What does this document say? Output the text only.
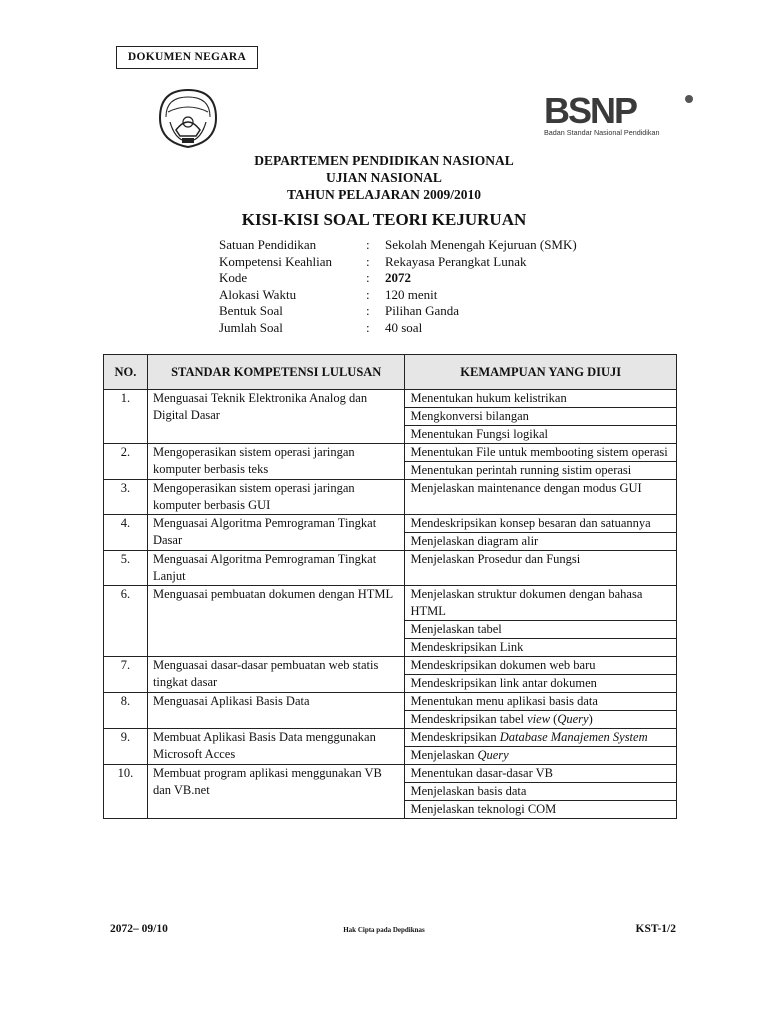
DOKUMEN NEGARA
BSNP
Badan Standar Nasional Pendidikan
DEPARTEMEN PENDIDIKAN NASIONAL
UJIAN NASIONAL
TAHUN PELAJARAN 2009/2010
KISI-KISI SOAL TEORI KEJURUAN
Satuan Pendidikan	:	Sekolah Menengah Kejuruan (SMK)
Kompetensi Keahlian	:	Rekayasa Perangkat Lunak
Kode	:	2072
Alokasi Waktu	:	120 menit
Bentuk Soal	:	Pilihan Ganda
Jumlah Soal	:	40 soal
NO.	STANDAR KOMPETENSI LULUSAN	KEMAMPUAN YANG DIUJI
1.	Menguasai Teknik Elektronika Analog dan Digital Dasar	Menentukan hukum kelistrikan
		Mengkonversi bilangan
		Menentukan Fungsi logikal
2.	Mengoperasikan sistem operasi jaringan komputer berbasis teks	Menentukan File untuk membooting sistem operasi
		Menentukan perintah running sistim operasi
3.	Mengoperasikan sistem operasi jaringan komputer berbasis GUI	Menjelaskan maintenance dengan modus GUI
4.	Menguasai Algoritma Pemrograman Tingkat Dasar	Mendeskripsikan konsep besaran dan satuannya
		Menjelaskan diagram alir
5.	Menguasai Algoritma Pemrograman Tingkat Lanjut	Menjelaskan Prosedur dan Fungsi
6.	Menguasai pembuatan dokumen dengan HTML	Menjelaskan struktur dokumen dengan bahasa HTML
		Menjelaskan tabel
		Mendeskripsikan Link
7.	Menguasai dasar-dasar pembuatan web statis tingkat dasar	Mendeskripsikan dokumen web baru
		Mendeskripsikan link antar dokumen
8.	Menguasai Aplikasi Basis Data	Menentukan menu aplikasi basis data
		Mendeskripsikan tabel view (Query)
9.	Membuat Aplikasi Basis Data menggunakan Microsoft Acces	Mendeskripsikan Database Manajemen System
		Menjelaskan Query
10.	Membuat program aplikasi menggunakan VB dan VB.net	Menentukan dasar-dasar VB
		Menjelaskan basis data
		Menjelaskan teknologi COM
2072– 09/10	Hak Cipta pada Depdiknas	KST-1/2
